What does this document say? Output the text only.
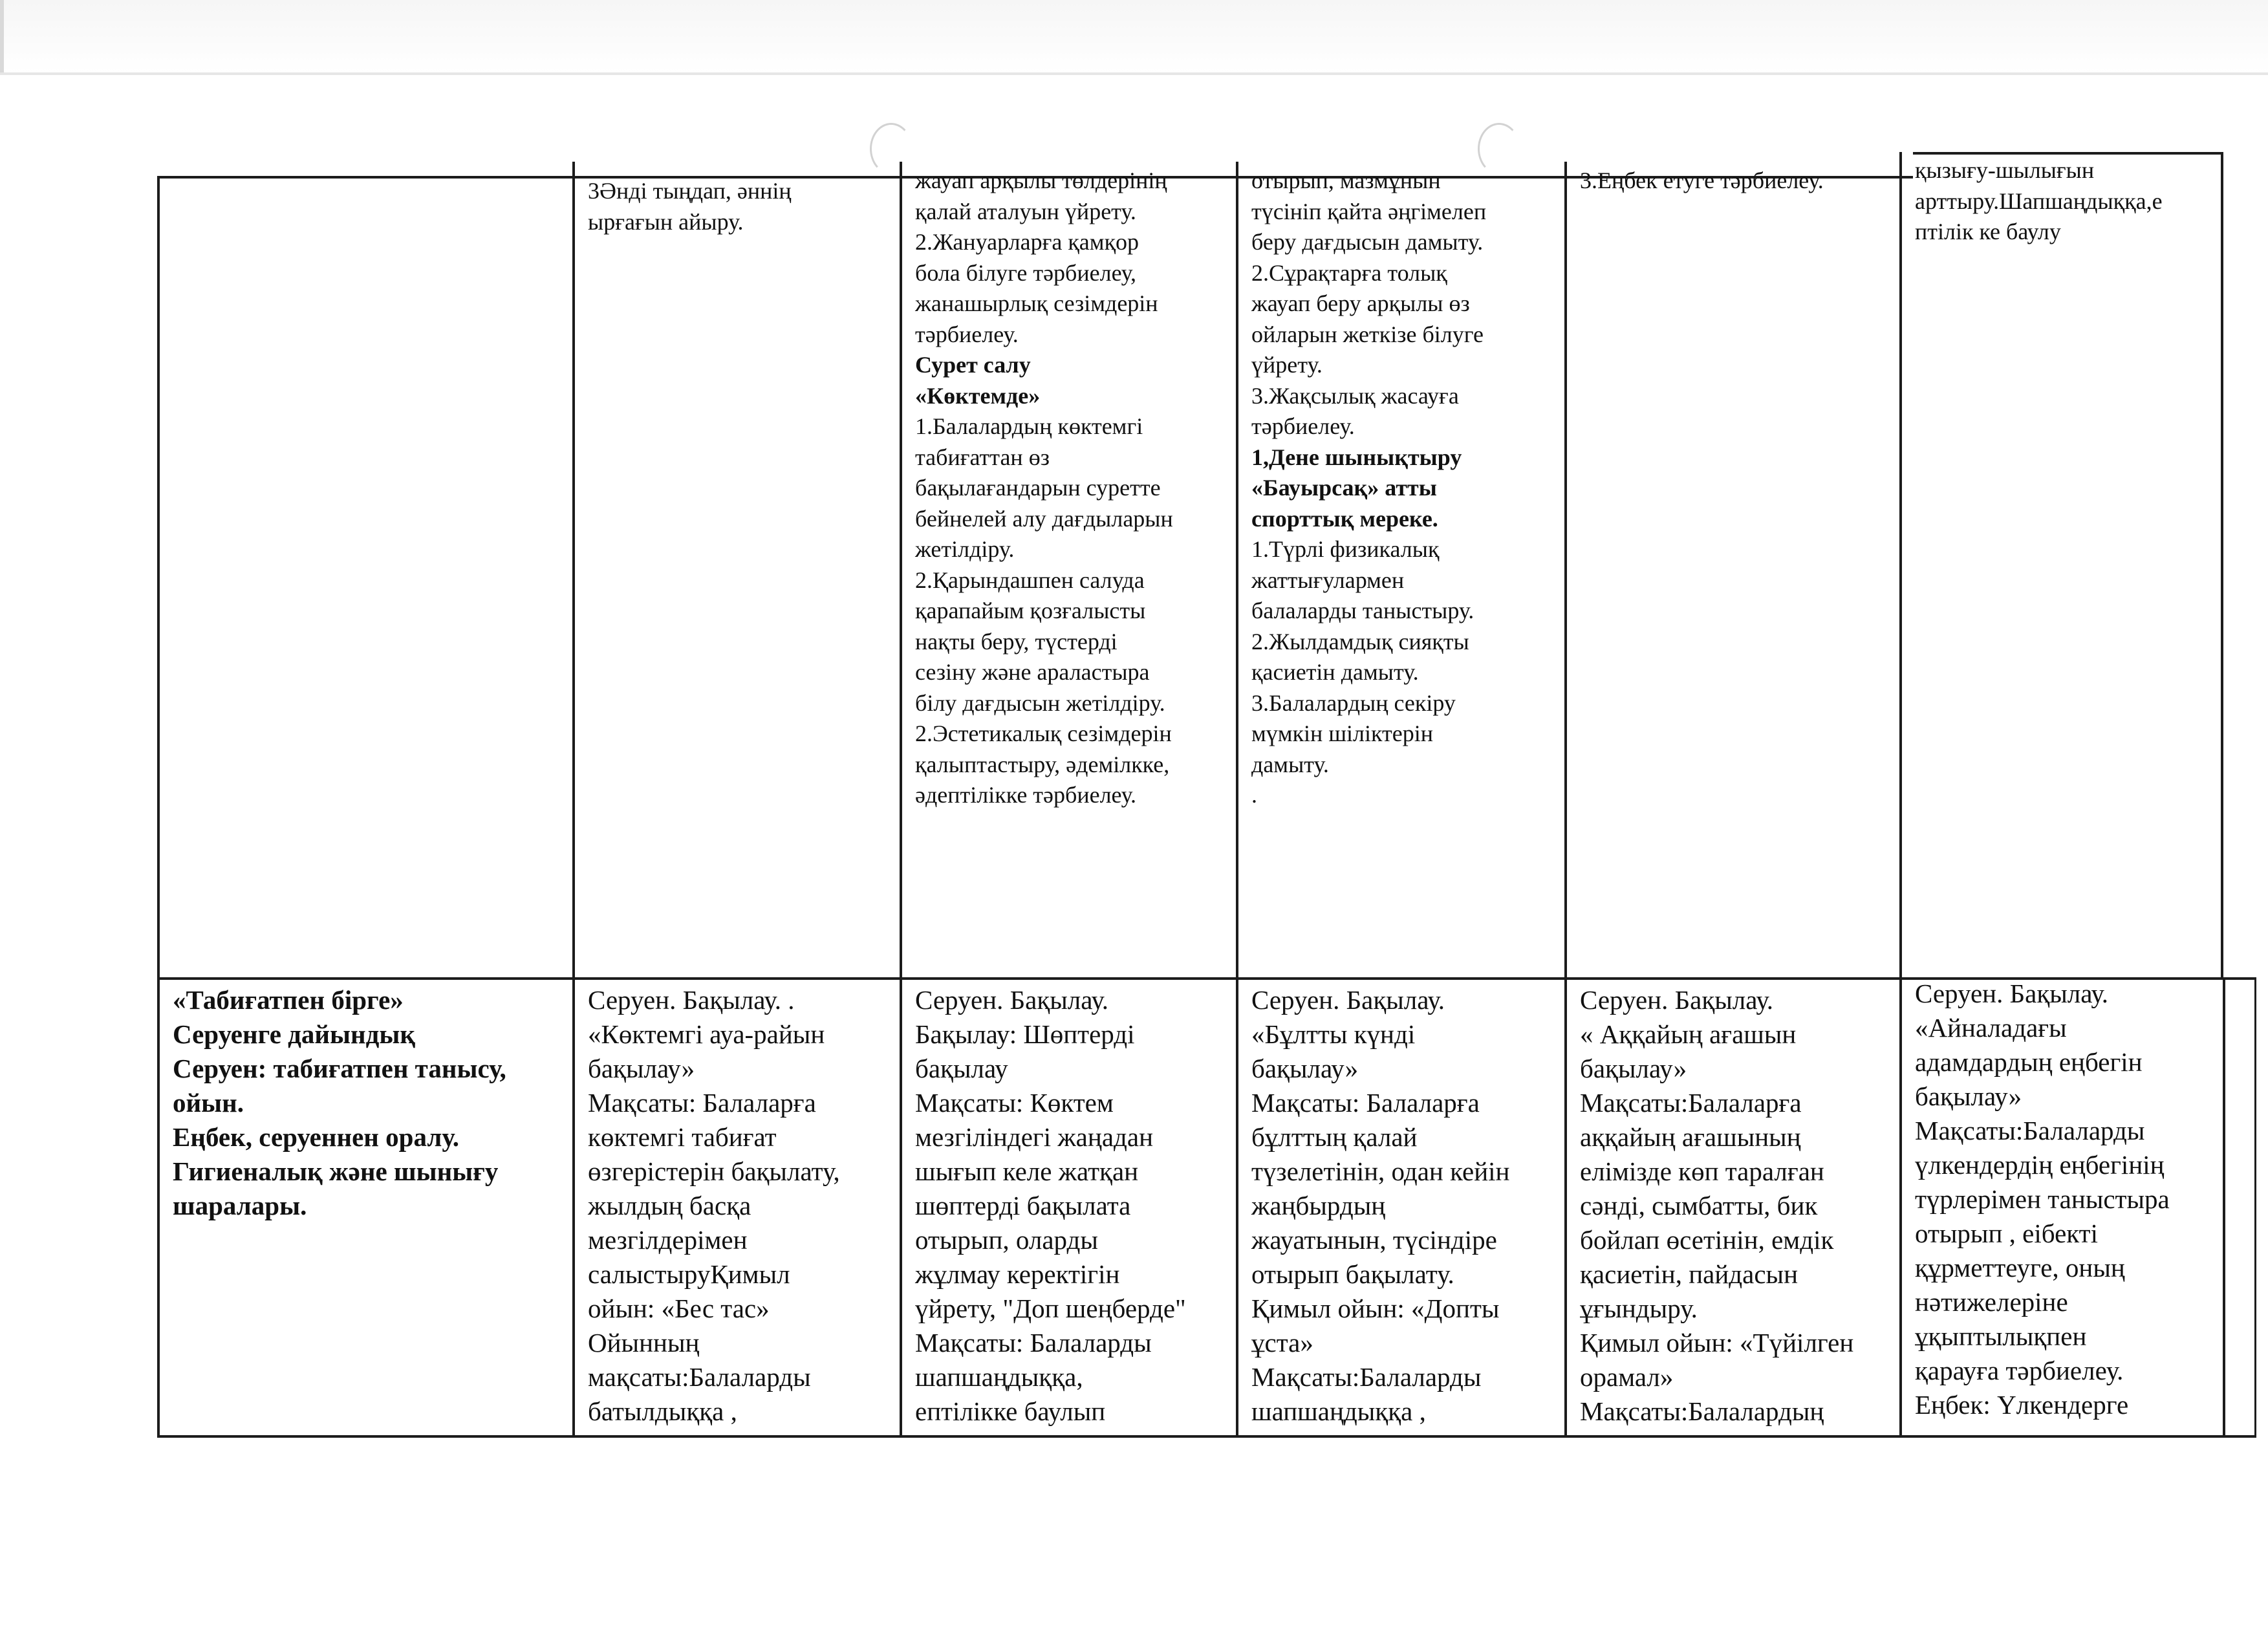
3Әнді тыңдап, әннің
ырғағын айыру.
жауап арқылы төлдерінің
қалай аталуын үйрету.
2.Жануарларға қамқор
бола білуге тәрбиелеу,
жанашырлық сезімдерін
тәрбиелеу.
Сурет салу
«Көктемде»
1.Балалардың көктемгі
табиғаттан өз
бақылағандарын суретте
бейнелей алу дағдыларын
жетілдіру.
2.Қарындашпен салуда
қарапайым қозғалысты
нақты беру, түстерді
сезіну және араластыра
білу дағдысын жетілдіру.
2.Эстетикалық сезімдерін
қалыптастыру, әдемілкке,
әдептілікке тәрбиелеу.
отырып, мазмұнын
түсініп қайта әңгімелеп
беру дағдысын дамыту.
2.Сұрақтарға толық
жауап беру арқылы өз
ойларын жеткізе білуге
үйрету.
3.Жақсылық жасауға
тәрбиелеу.
1,Дене шынықтыру
«Бауырсақ» атты
спорттық мереке.
1.Түрлі физикалық
жаттығулармен
балаларды таныстыру.
2.Жылдамдық сияқты
қасиетін дамыту.
3.Балалардың секіру
мүмкін шіліктерін
дамыту.
.
3.Еңбек етуге тәрбиелеу.	қызығу-шылығын
арттыру.Шапшаңдыққа,е
птілік ке баулу
«Табиғатпен бірге»
Серуенге дайындық
Серуен: табиғатпен танысу,
ойын.
Еңбек, серуеннен оралу.
Гигиеналық және шынығу
шаралары.
Серуен. Бақылау. .
«Көктемгі ауа-райын
бақылау»
Мақсаты: Балаларға
көктемгі табиғат
өзгерістерін бақылату,
жылдың басқа
мезгілдерімен
салыстыруҚимыл
ойын: «Бес тас»
Ойынның
мақсаты:Балаларды
батылдыққа ,
Серуен. Бақылау.
Бақылау: Шөптерді
бақылау
Мақсаты: Көктем
мезгіліндегі жаңадан
шығып келе жатқан
шөптерді бақылата
отырып, оларды
жұлмау керектігін
үйрету, "Доп шеңберде"
Мақсаты: Балаларды
шапшаңдыққа,
ептілікке баулып
Серуен. Бақылау.
«Бұлтты күнді
бақылау»
Мақсаты: Балаларға
бұлттың қалай
түзелетінін, одан кейін
жаңбырдың
жауатынын, түсіндіре
отырып бақылату.
Қимыл ойын: «Допты
ұста»
Мақсаты:Балаларды
шапшаңдыққа ,
Серуен. Бақылау.
« Аққайың ағашын
бақылау»
Мақсаты:Балаларға
аққайың ағашының
елімізде көп таралған
сәнді, сымбатты, бик
бойлап өсетінін, емдік
қасиетін, пайдасын
ұғындыру.
Қимыл ойын: «Түйілген
орамал»
Мақсаты:Балалардың
Серуен. Бақылау.
«Айналадағы
адамдардың еңбегін
бақылау»
Мақсаты:Балаларды
үлкендердің еңбегінің
түрлерімен таныстыра
отырып , еібекті
құрметтеуге, оның
нәтижелеріне
ұқыптылықпен
қарауға тәрбиелеу.
Еңбек: Үлкендерге
